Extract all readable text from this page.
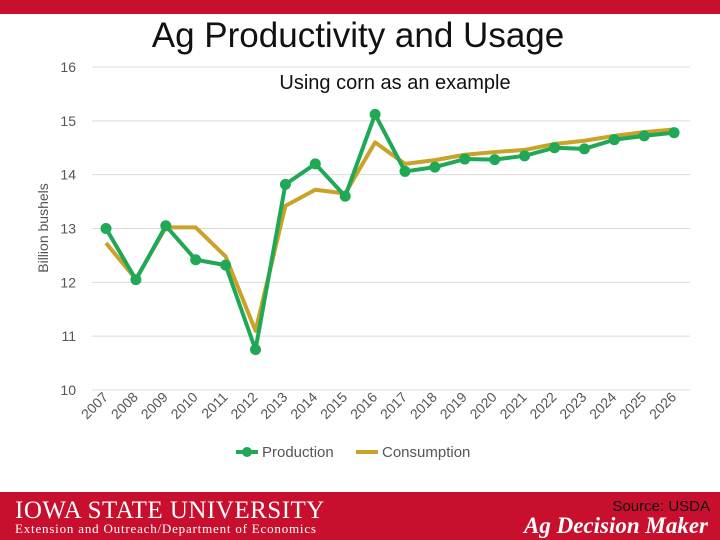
Ag Productivity and Usage
10
11
12
13
14
15
16
Billion bushels
2007
2008
2009
2010
2011
2012
2013
2014
2015
2016
2017
2018
2019
2020
2021
2022
2023
2024
2025
2026
Production	Consumption
Using corn as an example
IOWA STATE UNIVERSITY
Extension and Outreach/Department of Economics
Source: USDA
Ag Decision Maker
